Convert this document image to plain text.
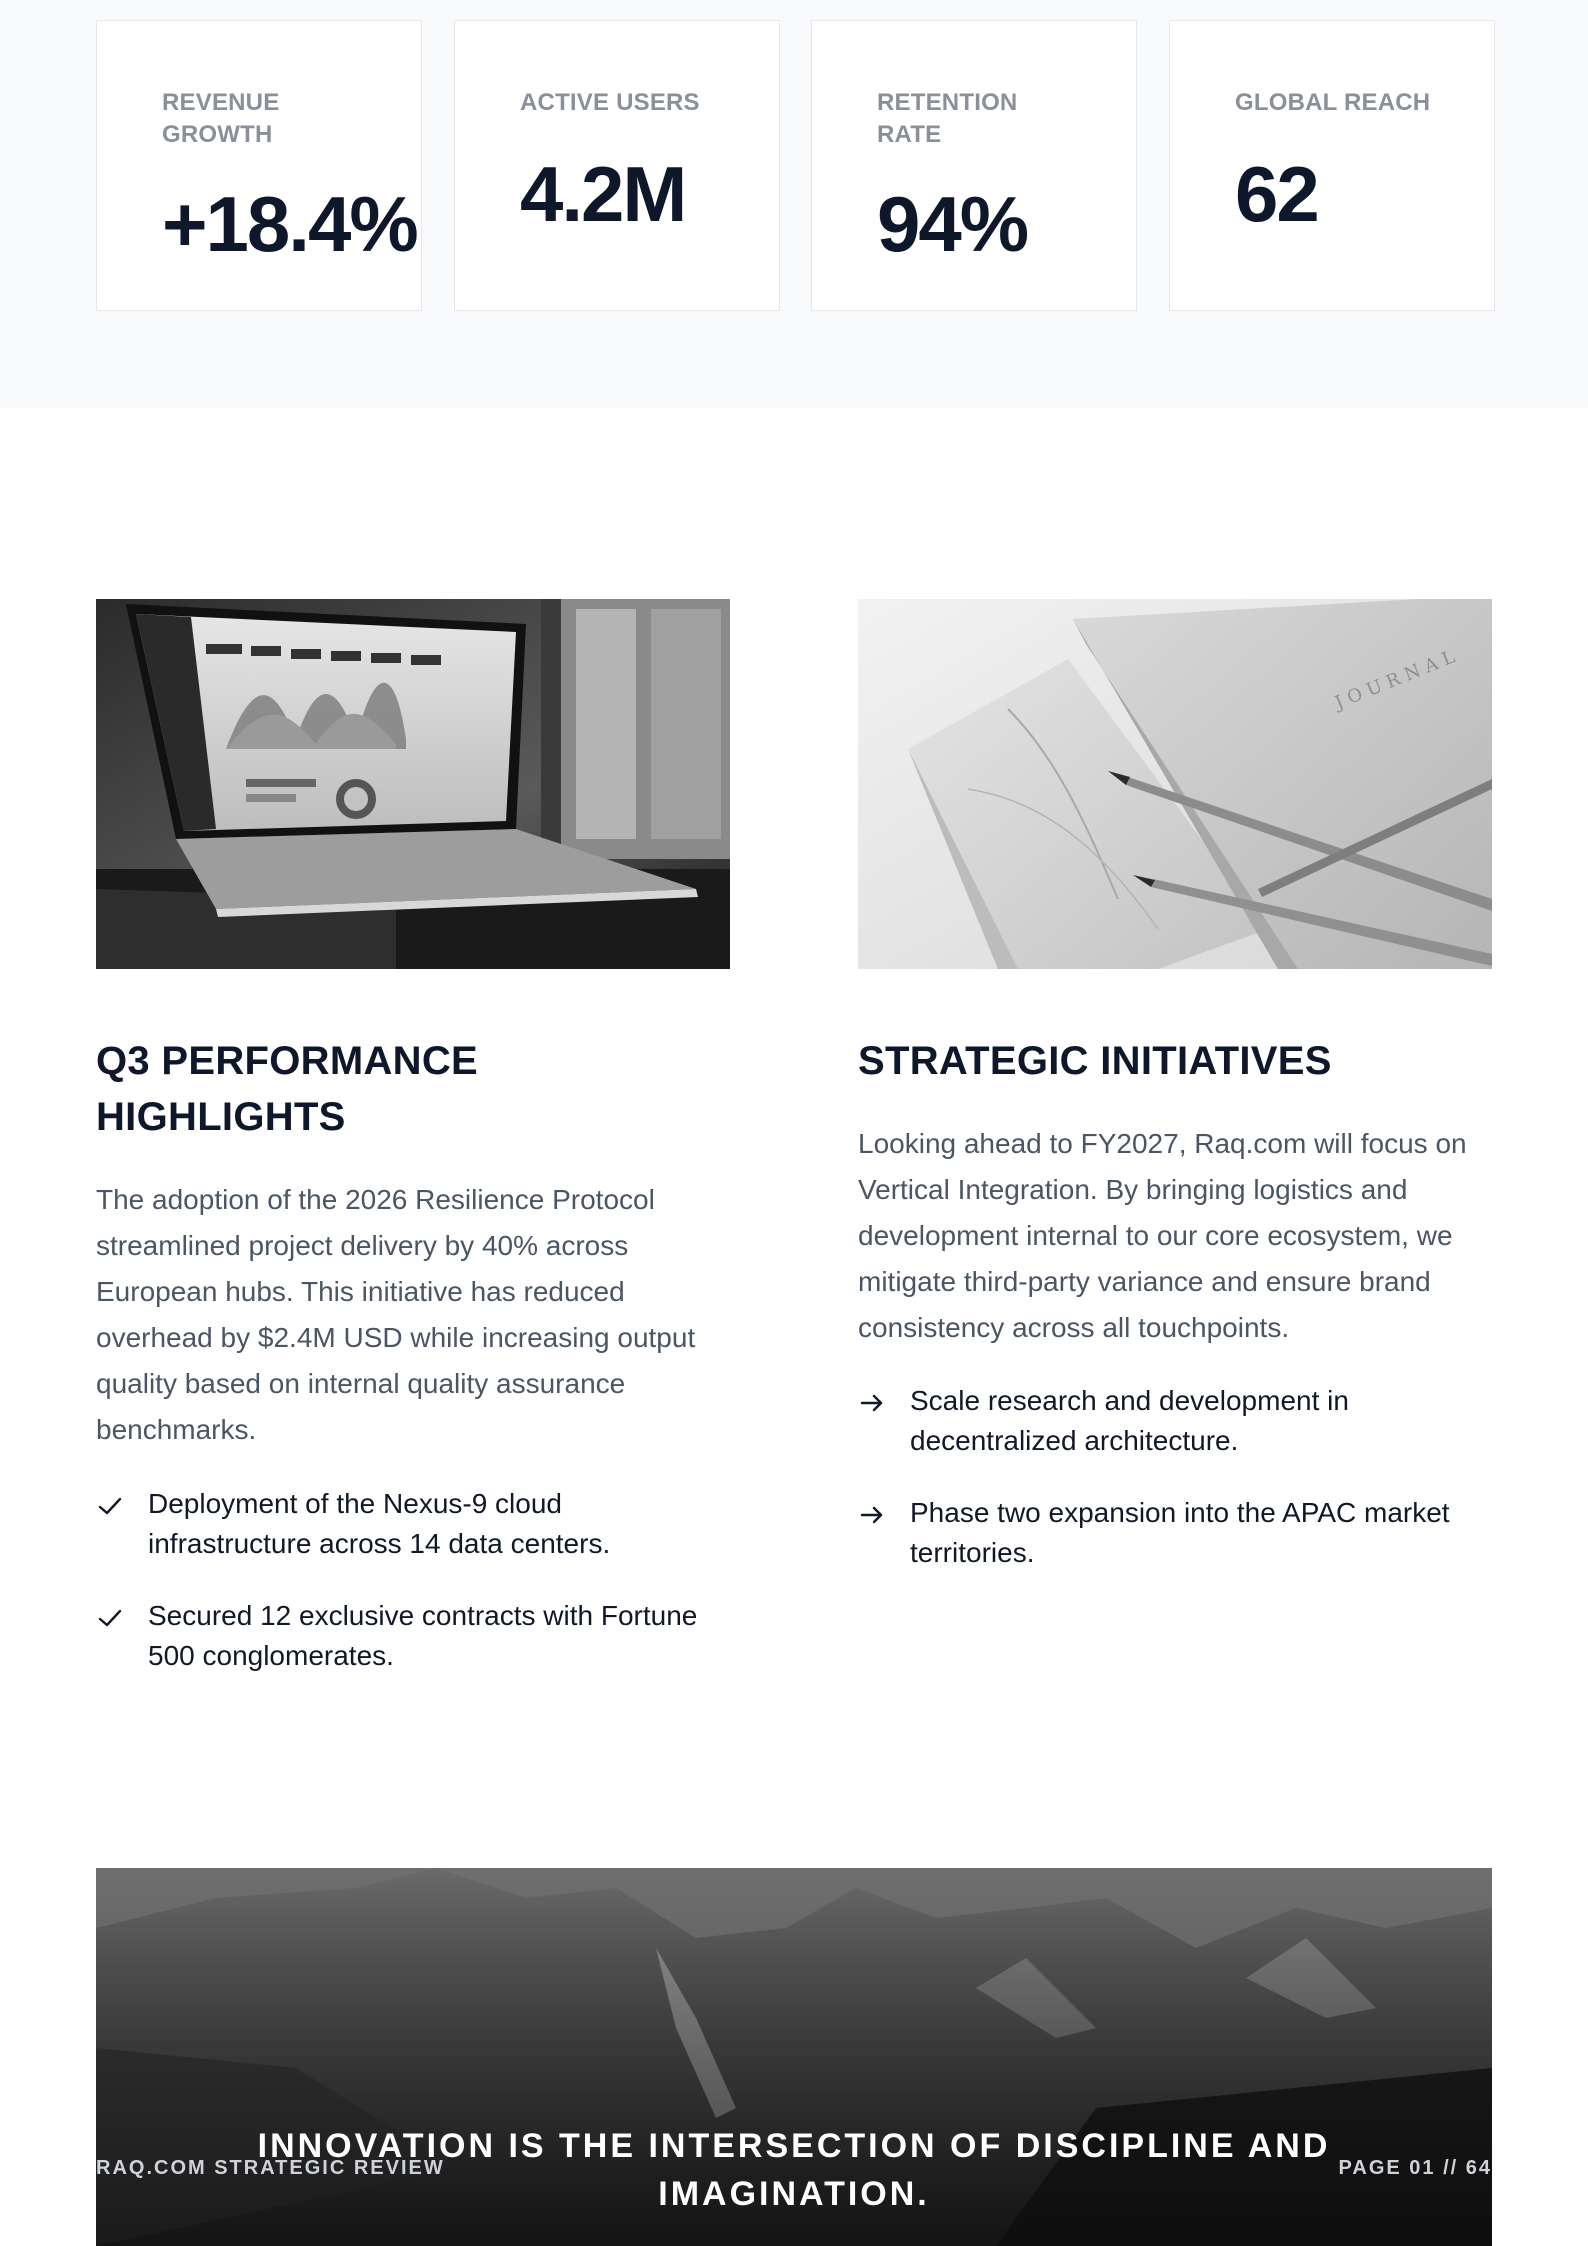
REVENUE GROWTH
+18.4%
ACTIVE USERS
4.2M
RETENTION RATE
94%
GLOBAL REACH
62
Q3 PERFORMANCE HIGHLIGHTS

The adoption of the 2026 Resilience Protocol streamlined project delivery by 40% across European hubs. This initiative has reduced overhead by $2.4M USD while increasing output quality based on internal quality assurance benchmarks.

Deployment of the Nexus-9 cloud infrastructure across 14 data centers.
Secured 12 exclusive contracts with Fortune 500 conglomerates.
JOURNAL
STRATEGIC INITIATIVES

Looking ahead to FY2027, Raq.com will focus on Vertical Integration. By bringing logistics and development internal to our core ecosystem, we mitigate third-party variance and ensure brand consistency across all touchpoints.

Scale research and development in decentralized architecture.
Phase two expansion into the APAC market territories.
INNOVATION IS THE INTERSECTION OF DISCIPLINE AND IMAGINATION.
RAQ.COM STRATEGIC REVIEW	PAGE 01 // 64
